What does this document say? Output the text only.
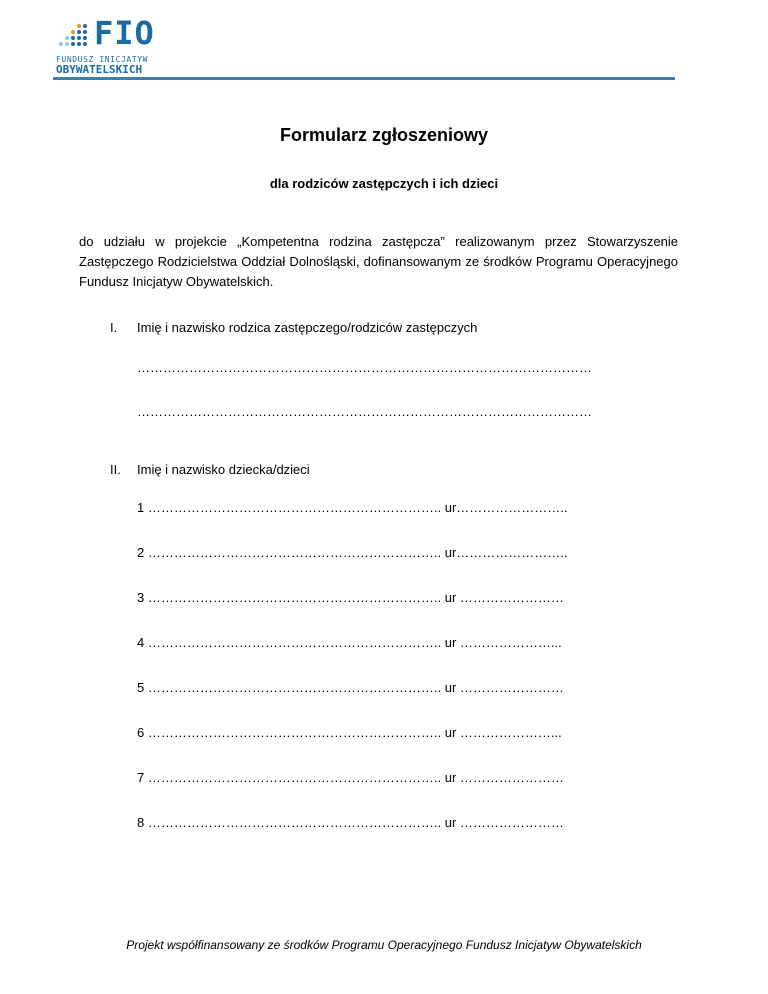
FIO
FUNDUSZ INICJATYW
OBYWATELSKICH
Formularz zgłoszeniowy
dla rodziców zastępczych i ich dzieci
do udziału w projekcie „Kompetentna rodzina zastępcza” realizowanym przez Stowarzyszenie Zastępczego Rodzicielstwa Oddział Dolnośląski, dofinansowanym ze środków Programu Operacyjnego Fundusz Inicjatyw Obywatelskich.
I. Imię i nazwisko rodzica zastępczego/rodziców zastępczych
……………………………………………………………………………………………
……………………………………………………………………………………………
II. Imię i nazwisko dziecka/dzieci
1 ………………………………………………………….. ur……………………..
2 ………………………………………………………….. ur……………………..
3 ………………………………………………………….. ur ……………………
4 ………………………………………………………….. ur …………………...
5 ………………………………………………………….. ur ……………………
6 ………………………………………………………….. ur …………………...
7 ………………………………………………………….. ur ……………………
8 ………………………………………………………….. ur ……………………
Projekt współfinansowany ze środków Programu Operacyjnego Fundusz Inicjatyw Obywatelskich
